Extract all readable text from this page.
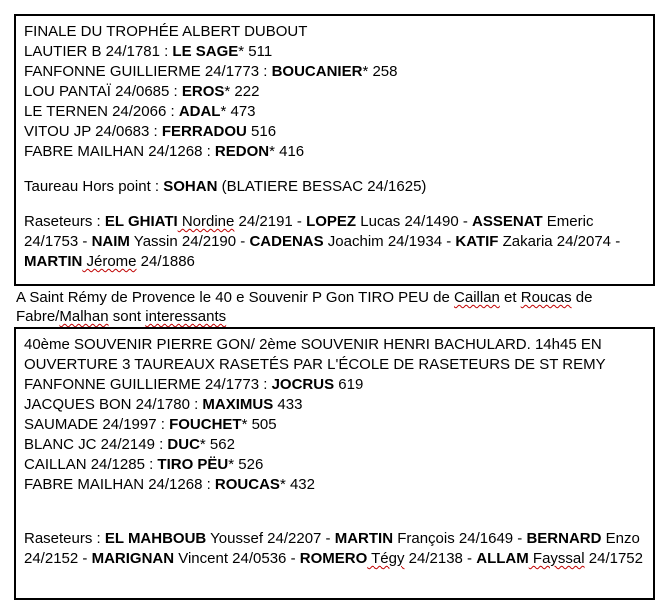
FINALE DU TROPHÉE ALBERT DUBOUT
LAUTIER B 24/1781 : LE SAGE* 511
FANFONNE GUILLIERME 24/1773 : BOUCANIER* 258
LOU PANTAÏ 24/0685 : EROS* 222
LE TERNEN 24/2066 : ADAL* 473
VITOU JP 24/0683 : FERRADOU 516
FABRE MAILHAN 24/1268 : REDON* 416
Taureau Hors point : SOHAN (BLATIERE BESSAC 24/1625)
Raseteurs : EL GHIATI Nordine 24/2191 - LOPEZ Lucas 24/1490 - ASSENAT Emeric 24/1753 - NAIM Yassin 24/2190 - CADENAS Joachim 24/1934 - KATIF Zakaria 24/2074 - MARTIN Jérome 24/1886
A Saint Rémy de Provence le 40 e Souvenir P Gon TIRO PEU de Caillan et Roucas de Fabre/Malhan sont interessants
40ème SOUVENIR PIERRE GON/ 2ème SOUVENIR HENRI BACHULARD. 14h45 EN OUVERTURE 3 TAUREAUX RASETÉS PAR L'ÉCOLE DE RASETEURS DE ST REMY
FANFONNE GUILLIERME 24/1773 : JOCRUS 619
JACQUES BON 24/1780 : MAXIMUS 433
SAUMADE 24/1997 : FOUCHET* 505
BLANC JC 24/2149 : DUC* 562
CAILLAN 24/1285 : TIRO PËU* 526
FABRE MAILHAN 24/1268 : ROUCAS* 432
Raseteurs : EL MAHBOUB Youssef 24/2207 - MARTIN François 24/1649 - BERNARD Enzo 24/2152 - MARIGNAN Vincent 24/0536 - ROMERO Tégy 24/2138 - ALLAM Fayssal 24/1752
